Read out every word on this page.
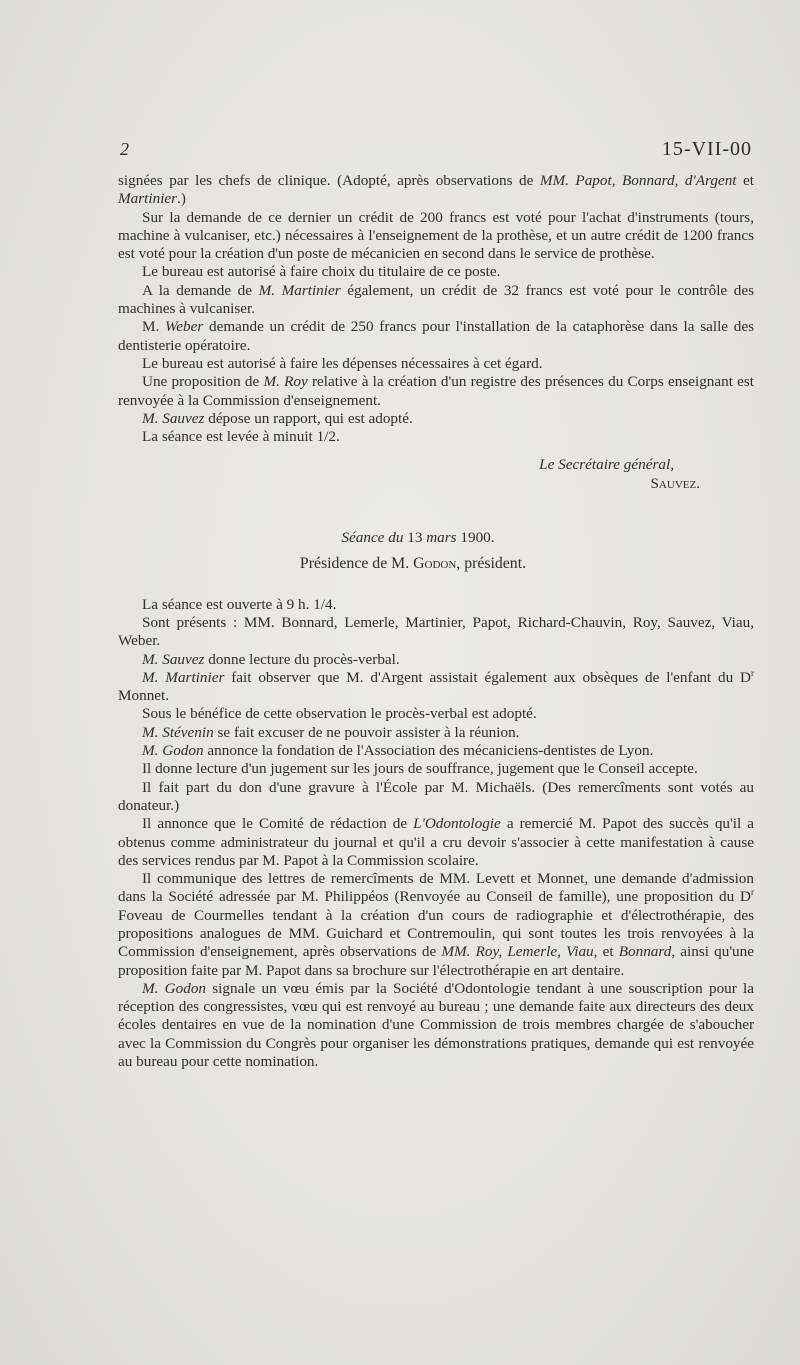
2	15-VII-00

signées par les chefs de clinique. (Adopté, après observations de MM. Papot, Bonnard, d'Argent et Martinier.)

Sur la demande de ce dernier un crédit de 200 francs est voté pour l'achat d'instruments (tours, machine à vulcaniser, etc.) nécessaires à l'enseignement de la prothèse, et un autre crédit de 1200 francs est voté pour la création d'un poste de mécanicien en second dans le service de prothèse.

Le bureau est autorisé à faire choix du titulaire de ce poste.

A la demande de M. Martinier également, un crédit de 32 francs est voté pour le contrôle des machines à vulcaniser.

M. Weber demande un crédit de 250 francs pour l'installation de la cataphorèse dans la salle des dentisterie opératoire.

Le bureau est autorisé à faire les dépenses nécessaires à cet égard.

Une proposition de M. Roy relative à la création d'un registre des présences du Corps enseignant est renvoyée à la Commission d'enseignement.

M. Sauvez dépose un rapport, qui est adopté.

La séance est levée à minuit 1/2.

Le Secrétaire général,
Sauvez.
Séance du 13 mars 1900.
Présidence de M. Godon, président.

La séance est ouverte à 9 h. 1/4.

Sont présents : MM. Bonnard, Lemerle, Martinier, Papot, Richard-Chauvin, Roy, Sauvez, Viau, Weber.

M. Sauvez donne lecture du procès-verbal.

M. Martinier fait observer que M. d'Argent assistait également aux obsèques de l'enfant du $D^r$ Monnet.

Sous le bénéfice de cette observation le procès-verbal est adopté.

M. Stévenin se fait excuser de ne pouvoir assister à la réunion.

M. Godon annonce la fondation de l'Association des mécaniciens-dentistes de Lyon.

Il donne lecture d'un jugement sur les jours de souffrance, jugement que le Conseil accepte.

Il fait part du don d'une gravure à l'École par M. Michaëls. (Des remercîments sont votés au donateur.)

Il annonce que le Comité de rédaction de L'Odontologie a remercié M. Papot des succès qu'il a obtenus comme administrateur du journal et qu'il a cru devoir s'associer à cette manifestation à cause des services rendus par M. Papot à la Commission scolaire.

Il communique des lettres de remercîments de MM. Levett et Monnet, une demande d'admission dans la Société adressée par M. Philippéos (Renvoyée au Conseil de famille), une proposition du $D^r$ Foveau de Courmelles tendant à la création d'un cours de radiographie et d'électrothérapie, des propositions analogues de MM. Guichard et Contremoulin, qui sont toutes les trois renvoyées à la Commission d'enseignement, après observations de MM. Roy, Lemerle, Viau, et Bonnard, ainsi qu'une proposition faite par M. Papot dans sa brochure sur l'électrothérapie en art dentaire.

M. Godon signale un vœu émis par la Société d'Odontologie tendant à une souscription pour la réception des congressistes, vœu qui est renvoyé au bureau ; une demande faite aux directeurs des deux écoles dentaires en vue de la nomination d'une Commission de trois membres chargée de s'aboucher avec la Commission du Congrès pour organiser les démonstrations pratiques, demande qui est renvoyée au bureau pour cette nomination.
